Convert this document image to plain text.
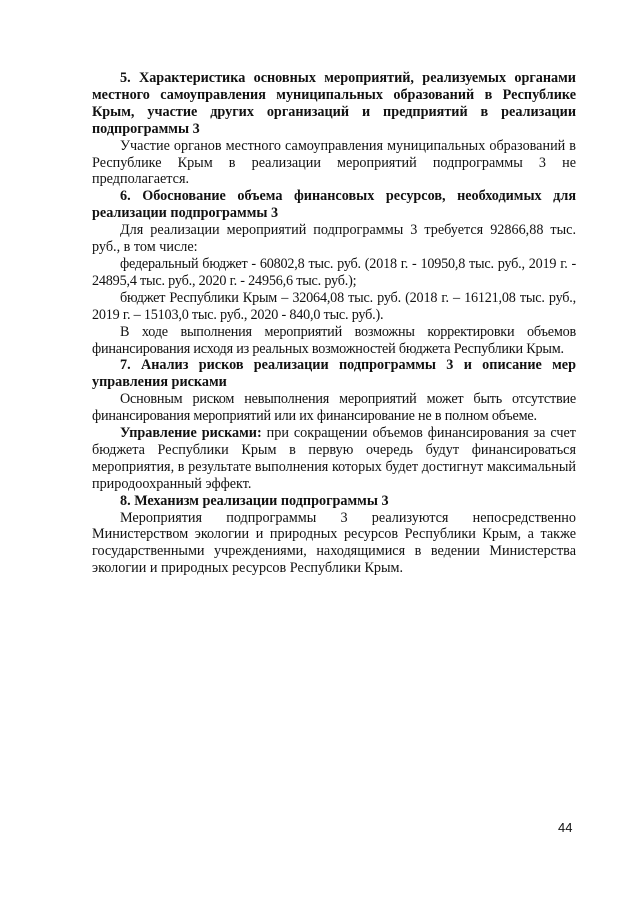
5. Характеристика основных мероприятий, реализуемых органами местного самоуправления муниципальных образований в Республике Крым, участие других организаций и предприятий в реализации подпрограммы 3

Участие органов местного самоуправления муниципальных образований в Республике Крым в реализации мероприятий подпрограммы 3 не предполагается.

6. Обоснование объема финансовых ресурсов, необходимых для реализации подпрограммы 3

Для реализации мероприятий подпрограммы 3 требуется 92866,88 тыс. руб., в том числе:

федеральный бюджет - 60802,8 тыс. руб. (2018 г. - 10950,8 тыс. руб., 2019 г. - 24895,4 тыс. руб., 2020 г. - 24956,6 тыс. руб.);

бюджет Республики Крым – 32064,08 тыс. руб. (2018 г. – 16121,08 тыс. руб., 2019 г. – 15103,0 тыс. руб., 2020 - 840,0 тыс. руб.).

В ходе выполнения мероприятий возможны корректировки объемов финансирования исходя из реальных возможностей бюджета Республики Крым.

7. Анализ рисков реализации подпрограммы 3 и описание мер управления рисками

Основным риском невыполнения мероприятий может быть отсутствие финансирования мероприятий или их финансирование не в полном объеме.

Управление рисками: при сокращении объемов финансирования за счет бюджета Республики Крым в первую очередь будут финансироваться мероприятия, в результате выполнения которых будет достигнут максимальный природоохранный эффект.

8. Механизм реализации подпрограммы 3

Мероприятия подпрограммы 3 реализуются непосредственно Министерством экологии и природных ресурсов Республики Крым, а также государственными учреждениями, находящимися в ведении Министерства экологии и природных ресурсов Республики Крым.

44
